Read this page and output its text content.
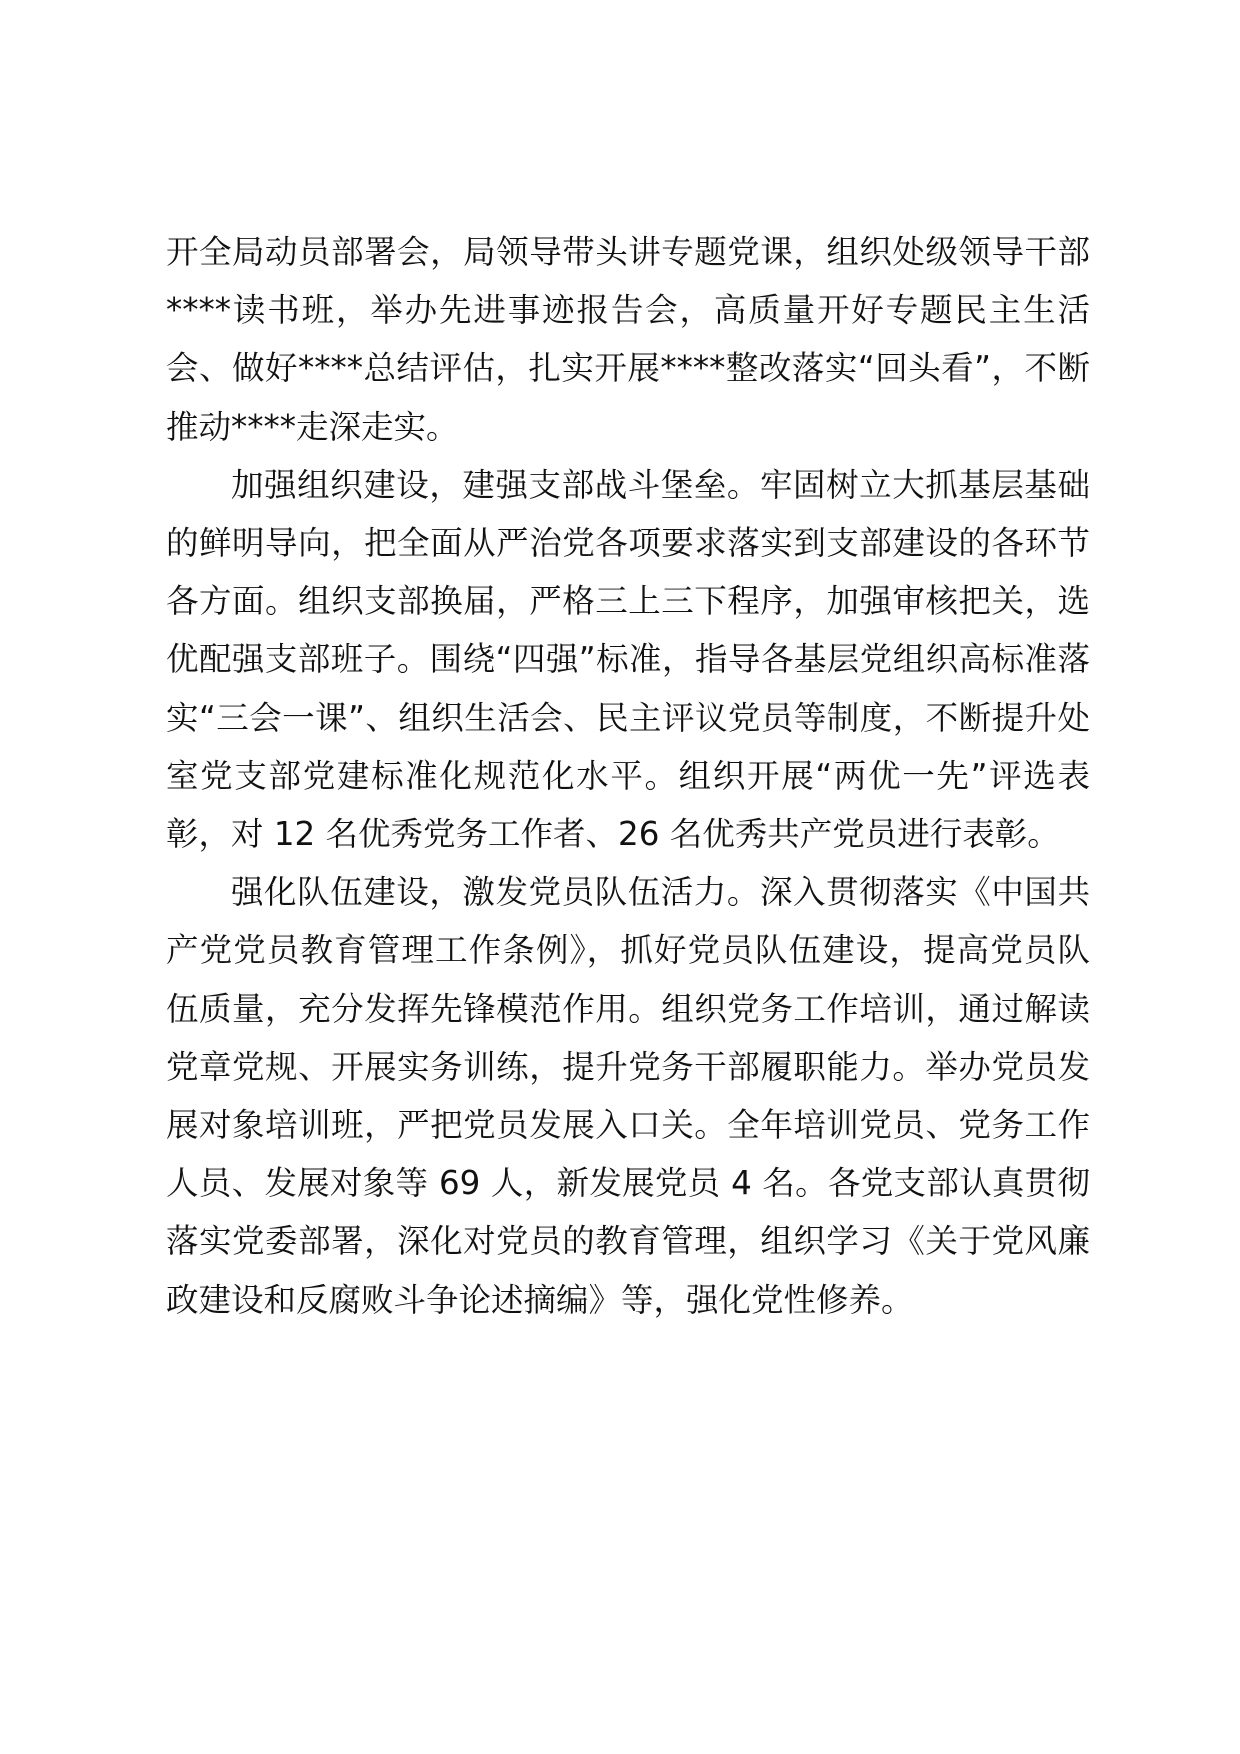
开全局动员部署会，局领导带头讲专题党课，组织处级领导干部****读书班，举办先进事迹报告会，高质量开好专题民主生活会、做好****总结评估，扎实开展****整改落实“回头看”，不断推动****走深走实。

加强组织建设，建强支部战斗堡垒。牢固树立大抓基层基础的鲜明导向，把全面从严治党各项要求落实到支部建设的各环节各方面。组织支部换届，严格三上三下程序，加强审核把关，选优配强支部班子。围绕“四强”标准，指导各基层党组织高标准落实“三会一课”、组织生活会、民主评议党员等制度，不断提升处室党支部党建标准化规范化水平。组织开展“两优一先”评选表彰，对 12 名优秀党务工作者、26 名优秀共产党员进行表彰。

强化队伍建设，激发党员队伍活力。深入贯彻落实《中国共产党党员教育管理工作条例》，抓好党员队伍建设，提高党员队伍质量，充分发挥先锋模范作用。组织党务工作培训，通过解读党章党规、开展实务训练，提升党务干部履职能力。举办党员发展对象培训班，严把党员发展入口关。全年培训党员、党务工作人员、发展对象等 69 人，新发展党员 4 名。各党支部认真贯彻落实党委部署，深化对党员的教育管理，组织学习《关于党风廉政建设和反腐败斗争论述摘编》等，强化党性修养。
